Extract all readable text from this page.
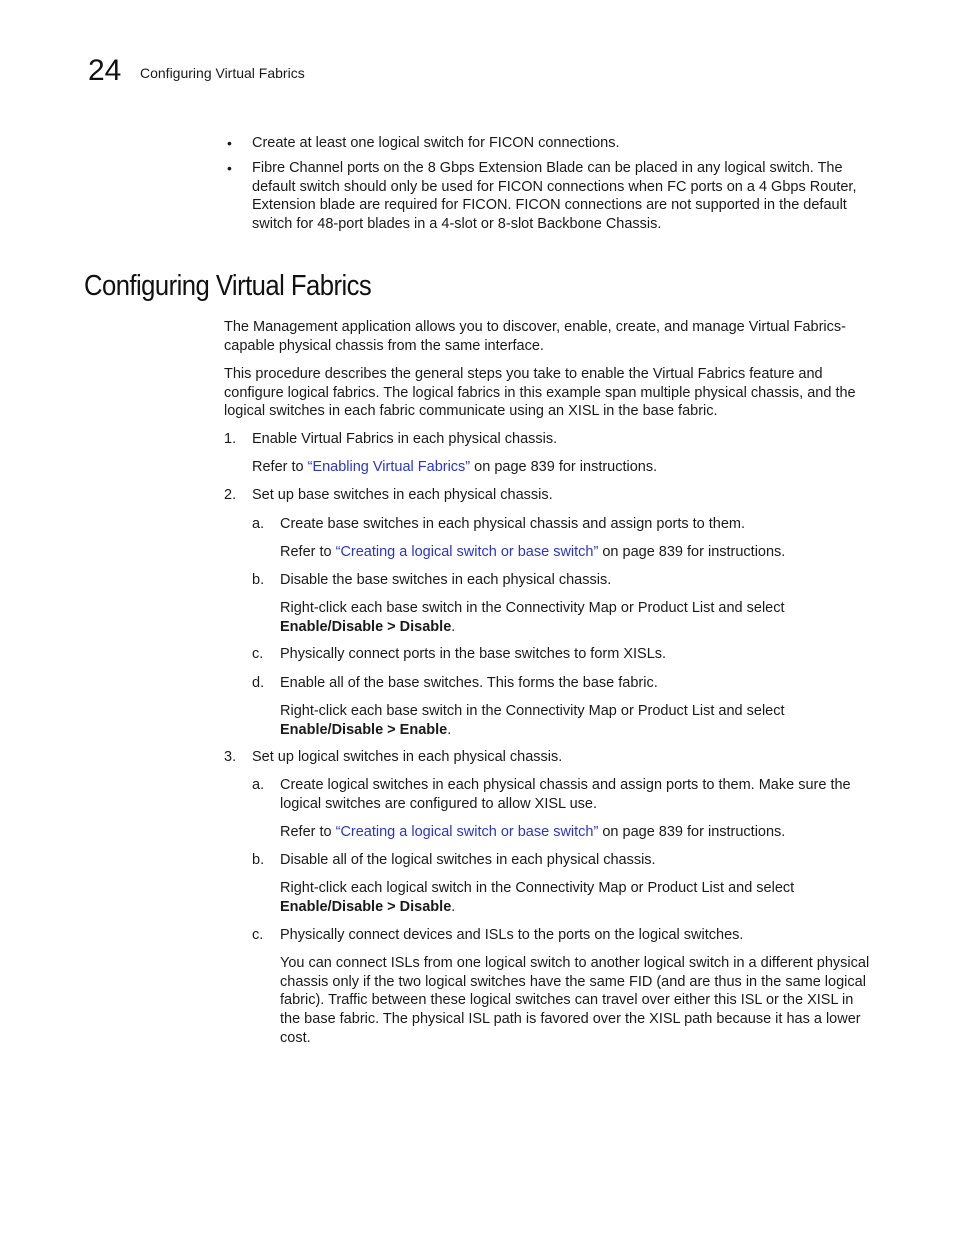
24 Configuring Virtual Fabrics
• Create at least one logical switch for FICON connections.

• Fibre Channel ports on the 8 Gbps Extension Blade can be placed in any logical switch. The default switch should only be used for FICON connections when FC ports on a 4 Gbps Router, Extension blade are required for FICON. FICON connections are not supported in the default switch for 48-port blades in a 4-slot or 8-slot Backbone Chassis.

Configuring Virtual Fabrics

The Management application allows you to discover, enable, create, and manage Virtual Fabrics-capable physical chassis from the same interface.

This procedure describes the general steps you take to enable the Virtual Fabrics feature and configure logical fabrics. The logical fabrics in this example span multiple physical chassis, and the logical switches in each fabric communicate using an XISL in the base fabric.

1. Enable Virtual Fabrics in each physical chassis.

Refer to “Enabling Virtual Fabrics” on page 839 for instructions.

2. Set up base switches in each physical chassis.

a. Create base switches in each physical chassis and assign ports to them.

Refer to “Creating a logical switch or base switch” on page 839 for instructions.

b. Disable the base switches in each physical chassis.

Right-click each base switch in the Connectivity Map or Product List and select Enable/Disable > Disable.

c. Physically connect ports in the base switches to form XISLs.

d. Enable all of the base switches. This forms the base fabric.

Right-click each base switch in the Connectivity Map or Product List and select Enable/Disable > Enable.

3. Set up logical switches in each physical chassis.

a. Create logical switches in each physical chassis and assign ports to them. Make sure the logical switches are configured to allow XISL use.

Refer to “Creating a logical switch or base switch” on page 839 for instructions.

b. Disable all of the logical switches in each physical chassis.

Right-click each logical switch in the Connectivity Map or Product List and select Enable/Disable > Disable.

c. Physically connect devices and ISLs to the ports on the logical switches.

You can connect ISLs from one logical switch to another logical switch in a different physical chassis only if the two logical switches have the same FID (and are thus in the same logical fabric). Traffic between these logical switches can travel over either this ISL or the XISL in the base fabric. The physical ISL path is favored over the XISL path because it has a lower cost.
